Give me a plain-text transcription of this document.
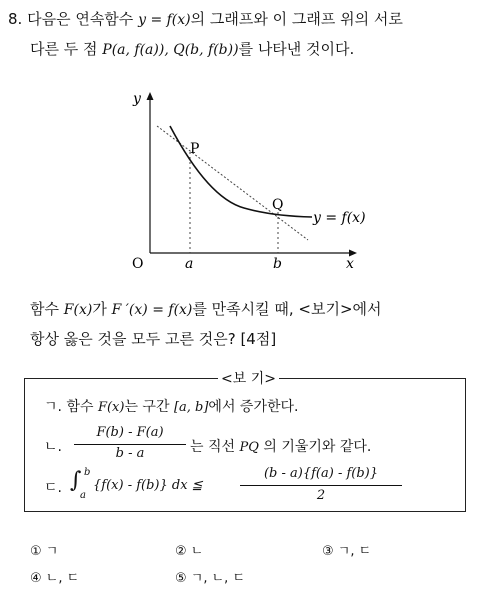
8. 다음은 연속함수 y = f(x)의 그래프와 이 그래프 위의 서로
다른 두 점 P(a, f(a)), Q(b, f(b))를 나타낸 것이다.
y
x
O	a	b
P
Q
y = f(x)
함수 F(x)가 F ′(x) = f(x)를 만족시킬 때, <보기>에서
항상 옳은 것을 모두 고른 것은? [4점]
<보 기>
ㄱ. 함수 F(x)는 구간 [a, b]에서 증가한다.
ㄴ.
F(b) - F(a)
b - a	는 직선 PQ 의 기울기와 같다.
ㄷ. ∫ b
a
{f(x) - f(b)} dx ≦
(b - a){f(a) - f(b)}
2
① ㄱ	② ㄴ	③ ㄱ, ㄷ
④ ㄴ, ㄷ	⑤ ㄱ, ㄴ, ㄷ
